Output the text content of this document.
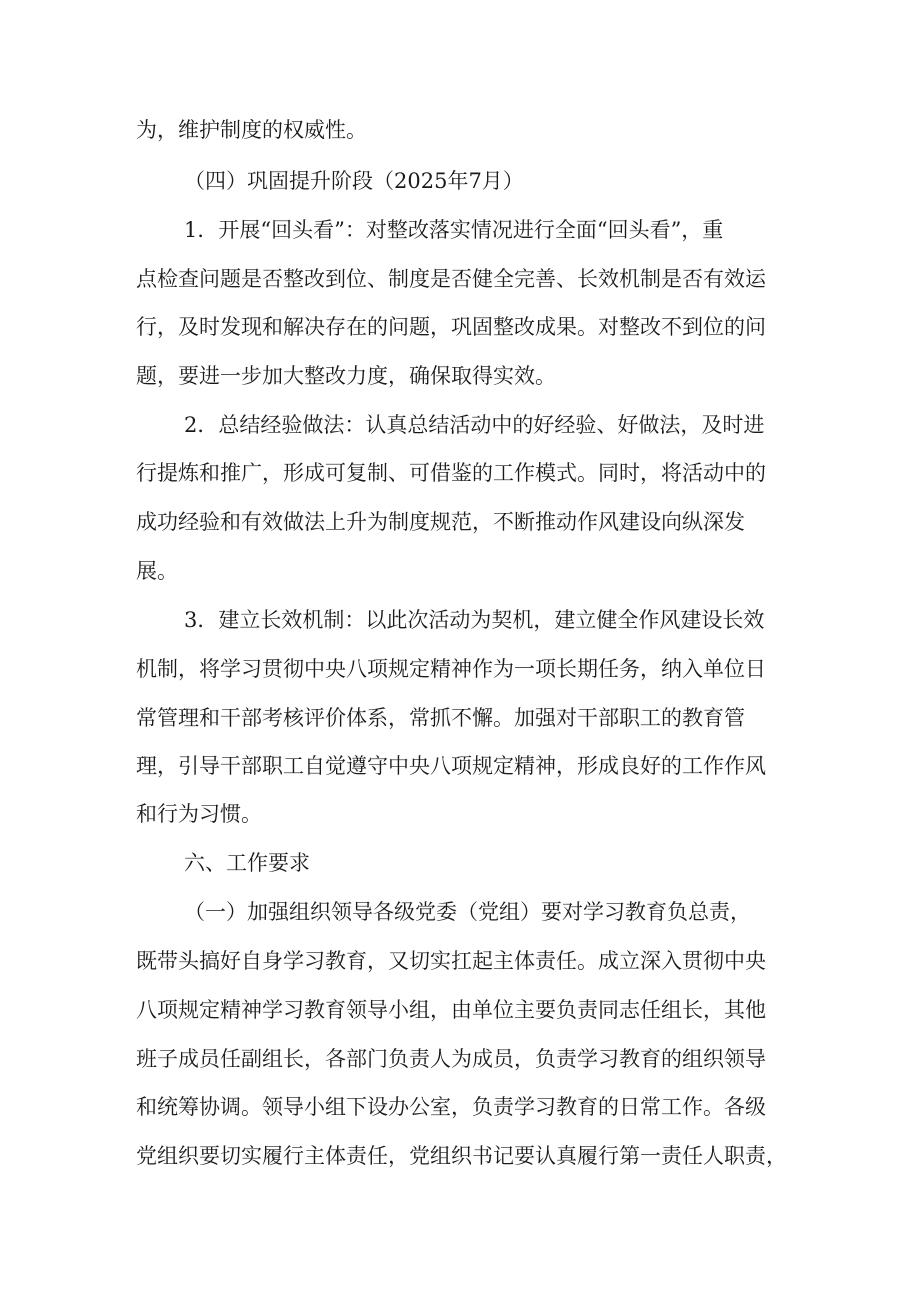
为，维护制度的权威性。
（四）巩固提升阶段（2025年7月）
1．开展“回头看”：对整改落实情况进行全面“回头看”，重
点检查问题是否整改到位、制度是否健全完善、长效机制是否有效运
行，及时发现和解决存在的问题，巩固整改成果。对整改不到位的问
题，要进一步加大整改力度，确保取得实效。
2．总结经验做法：认真总结活动中的好经验、好做法，及时进
行提炼和推广，形成可复制、可借鉴的工作模式。同时，将活动中的
成功经验和有效做法上升为制度规范，不断推动作风建设向纵深发
展。
3．建立长效机制：以此次活动为契机，建立健全作风建设长效
机制，将学习贯彻中央八项规定精神作为一项长期任务，纳入单位日
常管理和干部考核评价体系，常抓不懈。加强对干部职工的教育管
理，引导干部职工自觉遵守中央八项规定精神，形成良好的工作作风
和行为习惯。
六、工作要求
（一）加强组织领导各级党委（党组）要对学习教育负总责，
既带头搞好自身学习教育，又切实扛起主体责任。成立深入贯彻中央
八项规定精神学习教育领导小组，由单位主要负责同志任组长，其他
班子成员任副组长，各部门负责人为成员，负责学习教育的组织领导
和统筹协调。领导小组下设办公室，负责学习教育的日常工作。各级
党组织要切实履行主体责任，党组织书记要认真履行第一责任人职责，
